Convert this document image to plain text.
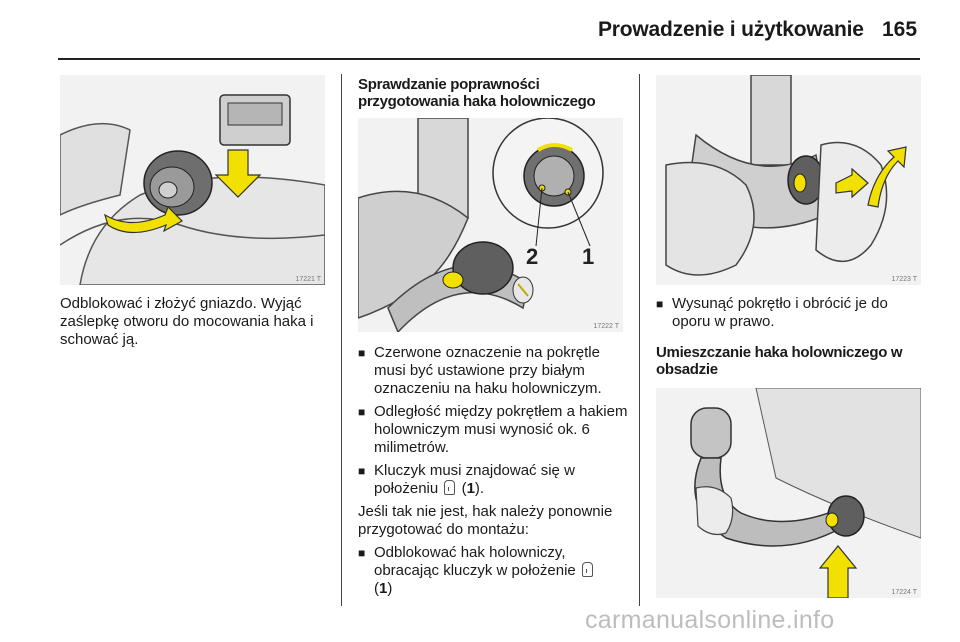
Prowadzenie i użytkowanie 165
17221 T
Odblokować i złożyć gniazdo. Wyjąć zaślepkę otworu do mocowania haka i schować ją.
Sprawdzanie poprawności przygotowania haka holowniczego
2 1
17222 T
■ Czerwone oznaczenie na pokrętle musi być ustawione przy białym oznaczeniu na haku holowniczym.
■ Odległość między pokrętłem a hakiem holowniczym musi wynosić ok. 6 milimetrów.
■ Kluczyk musi znajdować się w położeniu (1).
Jeśli tak nie jest, hak należy ponownie przygotować do montażu:
■ Odblokować hak holowniczy, obracając kluczyk w położenie
(1)
17223 T
■ Wysunąć pokrętło i obrócić je do oporu w prawo.
Umieszczanie haka holowniczego w obsadzie
17224 T
carmanualsonline.info
